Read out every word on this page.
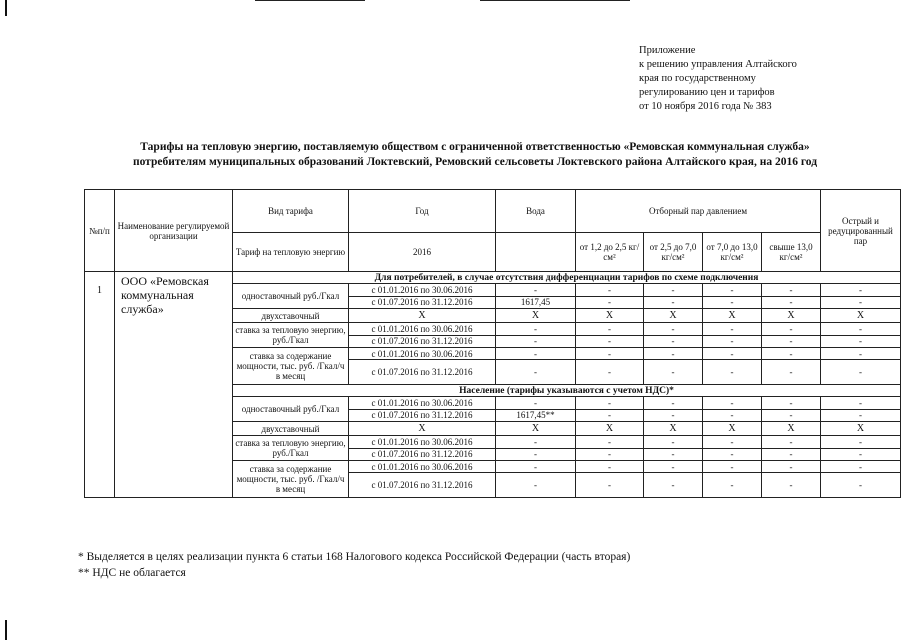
Приложение
к решению управления Алтайского
края по государственному
регулированию цен и тарифов
от 10 ноября 2016 года № 383
Тарифы на тепловую энергию, поставляемую обществом с ограниченной ответственностью «Ремовская коммунальная служба»
потребителям муниципальных образований Локтевский, Ремовский сельсоветы Локтевского района Алтайского края, на 2016 год
№п/п	Наименование регулируемой организации	Вид тарифа	Год	Вода	Отборный пар давлением				Острый и редуцированный пар
		Тариф на тепловую энергию	2016		от 1,2 до 2,5 кг/см²	от 2,5 до 7,0 кг/см²	от 7,0 до 13,0 кг/см²	свыше 13,0 кг/см²	
1	ООО «Ремовская коммунальная служба»	Для потребителей, в случае отсутствия дифференциации тарифов по схеме подключения							
		одноставочный руб./Гкал	с 01.01.2016 по 30.06.2016	-	-	-	-	-	-
			с 01.07.2016 по 31.12.2016	1617,45	-	-	-	-	-
		двухставочный	Х	Х	Х	Х	Х	Х	Х
		ставка за тепловую энергию, руб./Гкал	с 01.01.2016 по 30.06.2016	-	-	-	-	-	-
			с 01.07.2016 по 31.12.2016	-	-	-	-	-	-
		ставка за содержание мощности, тыс. руб. /Гкал/ч в месяц	с 01.01.2016 по 30.06.2016	-	-	-	-	-	-
			с 01.07.2016 по 31.12.2016	-	-	-	-	-	-
		Население (тарифы указываются с учетом НДС)*							
		одноставочный руб./Гкал	с 01.01.2016 по 30.06.2016	-	-	-	-	-	-
			с 01.07.2016 по 31.12.2016	1617,45**	-	-	-	-	-
		двухставочный	Х	Х	Х	Х	Х	Х	Х
		ставка за тепловую энергию, руб./Гкал	с 01.01.2016 по 30.06.2016	-	-	-	-	-	-
			с 01.07.2016 по 31.12.2016	-	-	-	-	-	-
		ставка за содержание мощности, тыс. руб. /Гкал/ч в месяц	с 01.01.2016 по 30.06.2016	-	-	-	-	-	-
			с 01.07.2016 по 31.12.2016	-	-	-	-	-	-
* Выделяется в целях реализации пункта 6 статьи 168 Налогового кодекса Российской Федерации (часть вторая)
** НДС не облагается
